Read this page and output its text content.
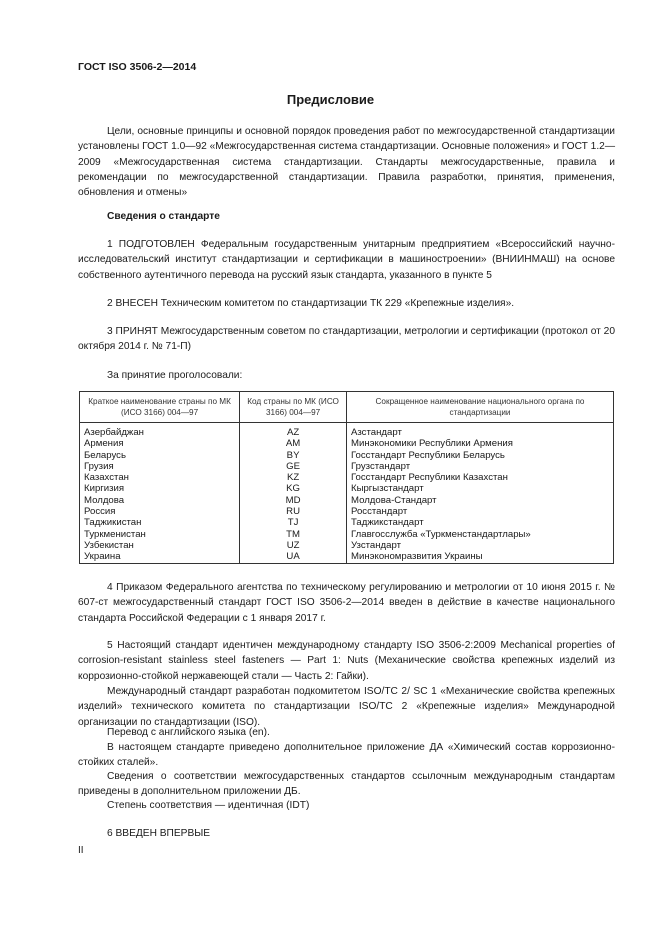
ГОСТ ISO 3506-2—2014
Предисловие

Цели, основные принципы и основной порядок проведения работ по межгосударственной стандартизации установлены ГОСТ 1.0—92 «Межгосударственная система стандартизации. Основные положения» и ГОСТ 1.2—2009 «Межгосударственная система стандартизации. Стандарты межгосударственные, правила и рекомендации по межгосударственной стандартизации. Правила разработки, принятия, применения, обновления и отмены»

Сведения о стандарте

1 ПОДГОТОВЛЕН Федеральным государственным унитарным предприятием «Всероссийский научно-исследовательский институт стандартизации и сертификации в машиностроении» (ВНИИНМАШ) на основе собственного аутентичного перевода на русский язык стандарта, указанного в пункте 5

2 ВНЕСЕН Техническим комитетом по стандартизации ТК 229 «Крепежные изделия».

3 ПРИНЯТ Межгосударственным советом по стандартизации, метрологии и сертификации (протокол от 20 октября 2014 г. № 71-П)

За принятие проголосовали:

Краткое наименование страны по МК (ИСО 3166) 004—97	Код страны по МК (ИСО 3166) 004—97	Сокращенное наименование национального органа по стандартизации
Азербайджан	AZ	Азстандарт
Армения	AM	Минэкономики Республики Армения
Беларусь	BY	Госстандарт Республики Беларусь
Грузия	GE	Грузстандарт
Казахстан	KZ	Госстандарт Республики Казахстан
Киргизия	KG	Кыргызстандарт
Молдова	MD	Молдова-Стандарт
Россия	RU	Росстандарт
Таджикистан	TJ	Таджикстандарт
Туркменистан	TM	Главгосслужба «Туркменстандартлары»
Узбекистан	UZ	Узстандарт
Украина	UA	Минэкономразвития Украины

4 Приказом Федерального агентства по техническому регулированию и метрологии от 10 июня 2015 г. № 607-ст межгосударственный стандарт ГОСТ ISO 3506-2—2014 введен в действие в качестве национального стандарта Российской Федерации с 1 января 2017 г.

5 Настоящий стандарт идентичен международному стандарту ISO 3506-2:2009 Mechanical properties of corrosion-resistant stainless steel fasteners — Part 1: Nuts (Механические свойства крепежных изделий из коррозионно-стойкой нержавеющей стали — Часть 2: Гайки).

Международный стандарт разработан подкомитетом ISO/TC 2/ SC 1 «Механические свойства крепежных изделий» технического комитета по стандартизации ISO/TC 2 «Крепежные изделия» Международной организации по стандартизации (ISO).

Перевод с английского языка (en).

В настоящем стандарте приведено дополнительное приложение ДА «Химический состав коррозионно-стойких сталей».

Сведения о соответствии межгосударственных стандартов ссылочным международным стандартам приведены в дополнительном приложении ДБ.

Степень соответствия — идентичная (IDT)

6 ВВЕДЕН ВПЕРВЫЕ

II
